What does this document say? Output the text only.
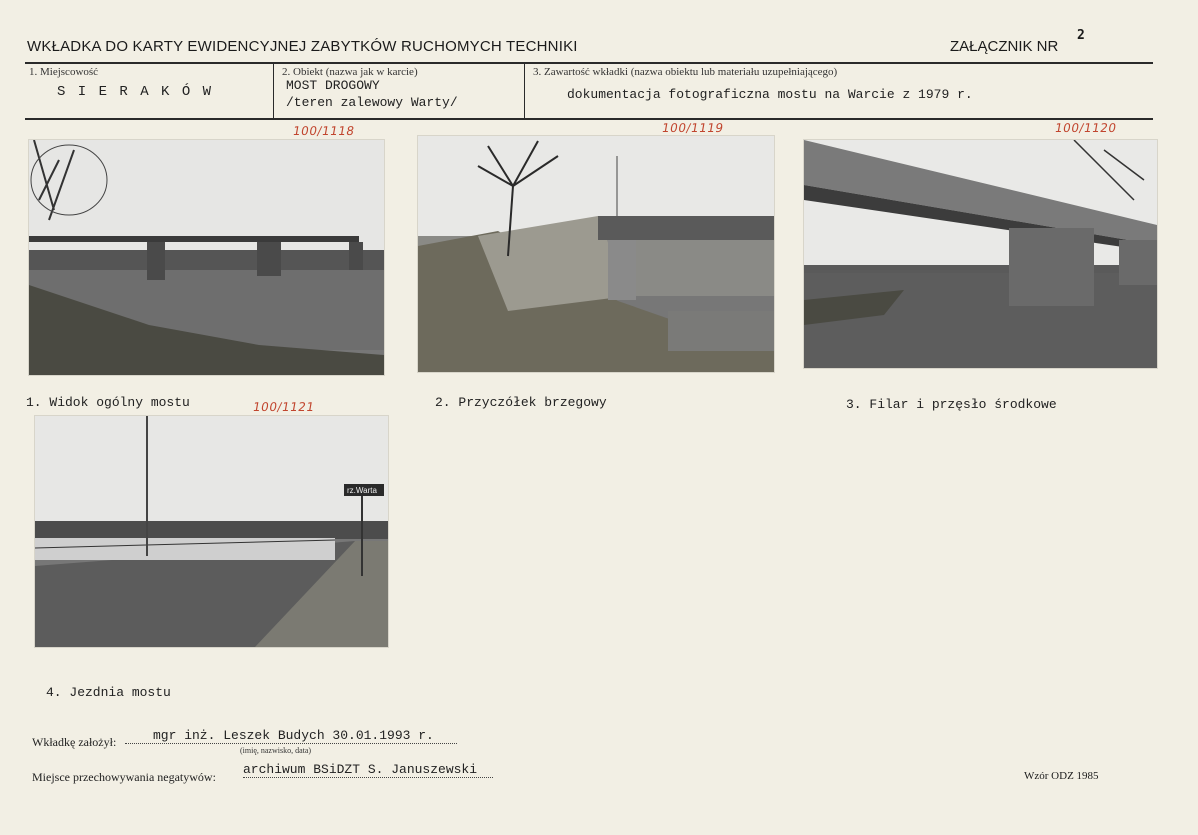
WKŁADKA DO KARTY EWIDENCYJNEJ ZABYTKÓW RUCHOMYCH TECHNIKI	ZAŁĄCZNIK NR
2
1. Miejscowość
S I E R A K Ó W
2. Obiekt (nazwa jak w karcie)
MOST DROGOWY
/teren zalewowy Warty/
3. Zawartość wkładki (nazwa obiektu lub materiału uzupełniającego)
dokumentacja fotograficzna mostu na Warcie z 1979 r.
100/1118
1. Widok ogólny mostu
100/1119
2. Przyczółek brzegowy
100/1120
3. Filar i przęsło środkowe
100/1121
rz.Warta
4. Jezdnia mostu
Wkładkę założył:	mgr inż. Leszek Budych 30.01.1993 r.
(imię, nazwisko, data)
Miejsce przechowywania negatywów: archiwum BSiDZT S. Januszewski	Wzór ODZ 1985
